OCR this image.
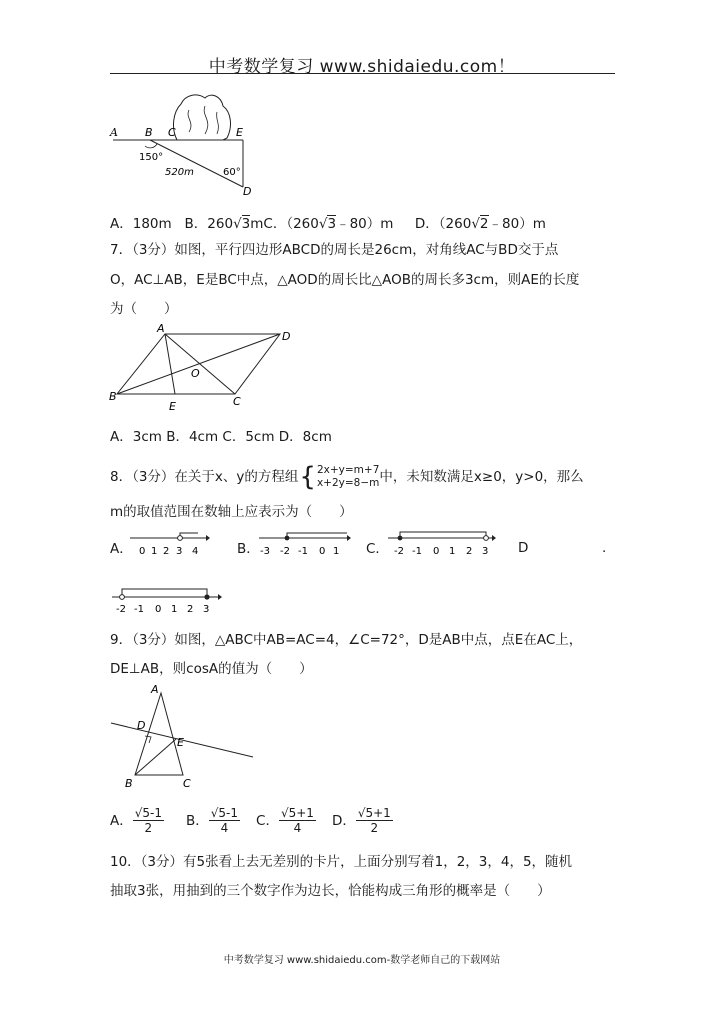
中考数学复习 www.shidaiedu.com！
A B C	E
D
150°
520m	60°
A．180m B．260√3mC．（260√3﹣80）m D．（260√2﹣80）m
7．（3分）如图，平行四边形ABCD的周长是26cm，对角线AC与BD交于点
O，AC⊥AB，E是BC中点，△AOD的周长比△AOB的周长多3cm，则AE的长度
为（　　）
A
D
B	C
E
O
A．3cm B．4cm C．5cm D．8cm
8．（3分）在关于x、y的方程组 { 2x+y=m+7
x+2y=8−m 中，未知数满足x≥0，y>0，那么
m的取值范围在数轴上应表示为（　　）
A． 0 1 2 3 4	B． -3 -2 -1 0 1 C． -2 -1 0 1 2 3 D	.
-2 -1 0 1 2 3
9．（3分）如图，△ABC中AB=AC=4，∠C=72°，D是AB中点，点E在AC上，
DE⊥AB，则cosA的值为（　　）
A
D
E
B	C
A． $\frac{√5-1}{2}$ B． $\frac{√5-1}{4}$ C． $\frac{√5+1}{4}$ D． $\frac{√5+1}{2}$
10．（3分）有5张看上去无差别的卡片，上面分别写着1，2，3，4，5，随机
抽取3张，用抽到的三个数字作为边长，恰能构成三角形的概率是（　　）
中考数学复习 www.shidaiedu.com-数学老师自己的下载网站
